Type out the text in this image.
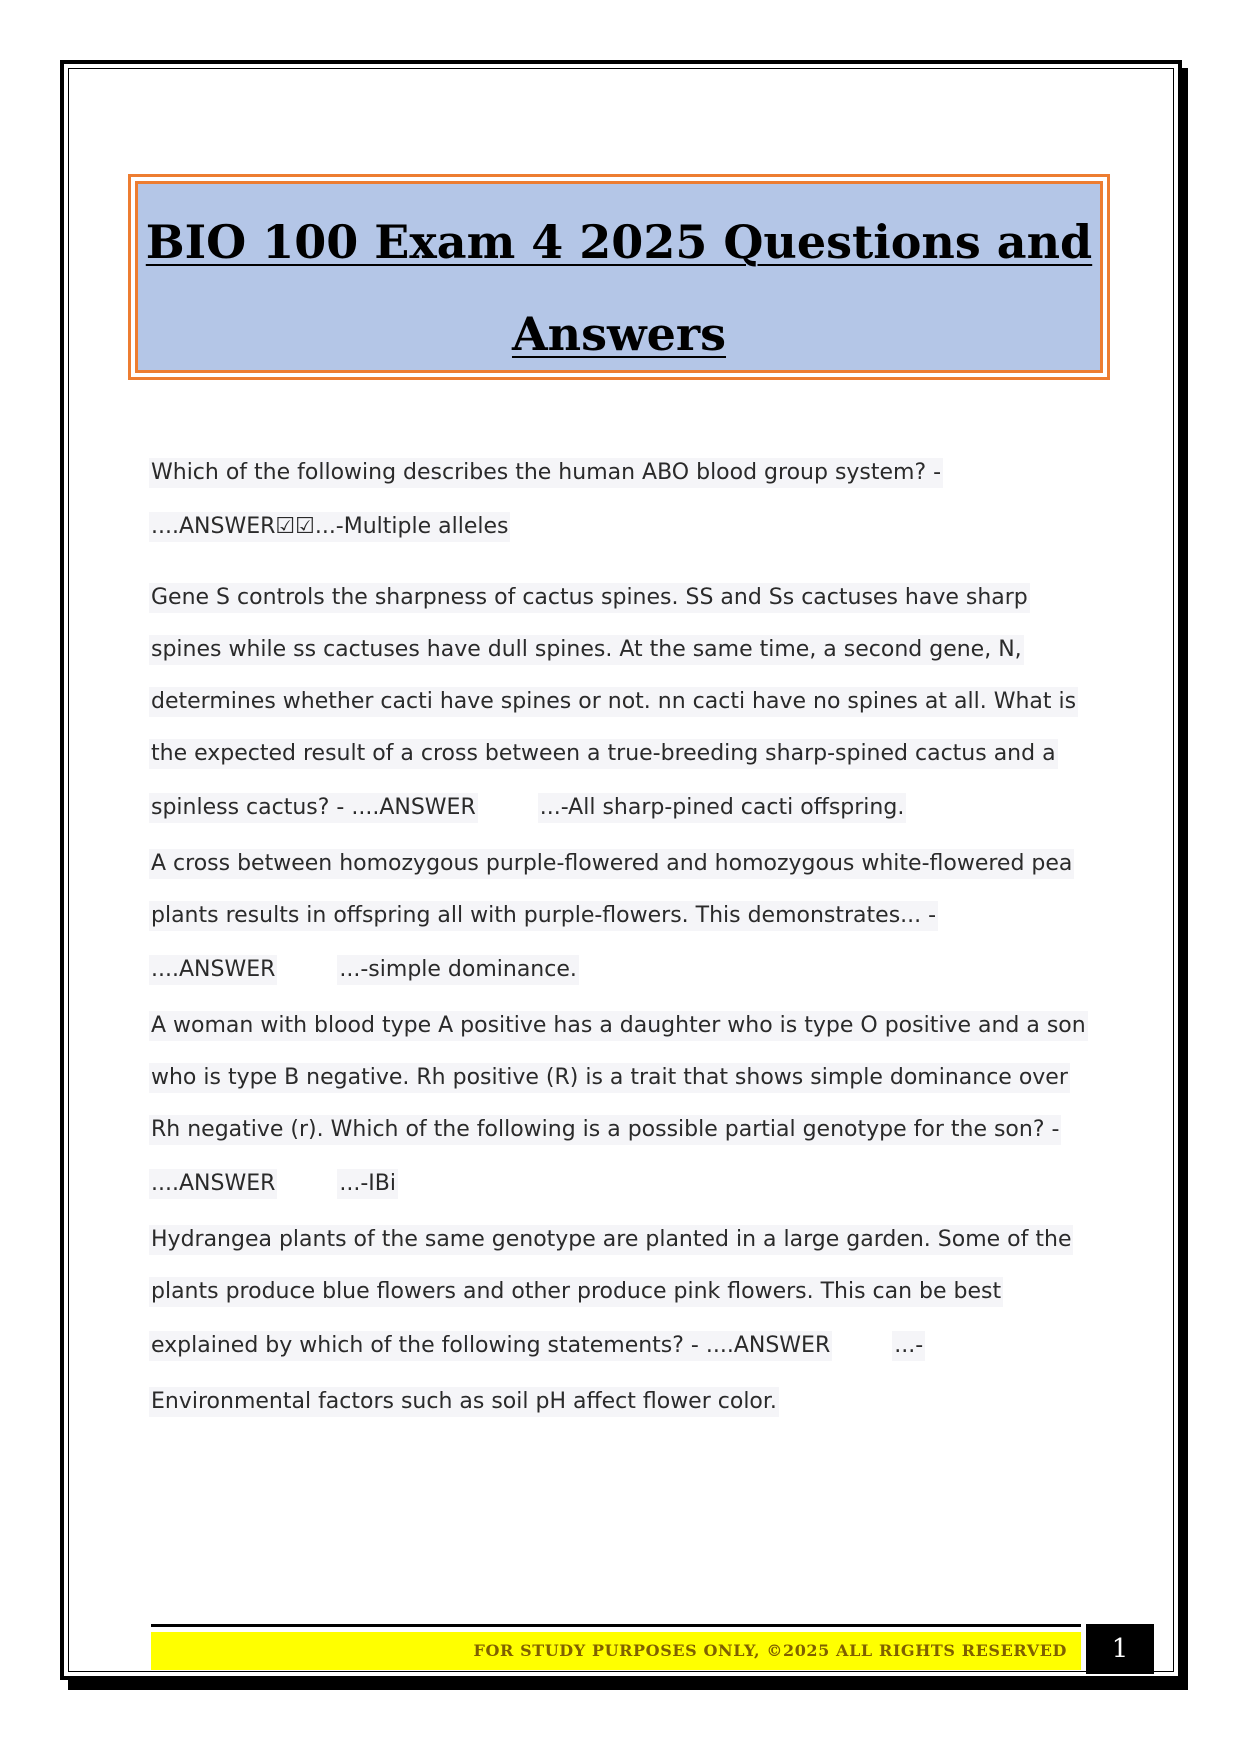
BIO 100 Exam 4 2025 Questions and

Answers

Which of the following describes the human ABO blood group system? -
....ANSWER☑☑...-Multiple alleles
Gene S controls the sharpness of cactus spines. SS and Ss cactuses have sharp
spines while ss cactuses have dull spines. At the same time, a second gene, N,
determines whether cacti have spines or not. nn cacti have no spines at all. What is
the expected result of a cross between a true-breeding sharp-spined cactus and a
spinless cactus? - ....ANSWER	...-All sharp-pined cacti offspring.
A cross between homozygous purple-flowered and homozygous white-flowered pea
plants results in offspring all with purple-flowers. This demonstrates... -
....ANSWER	...-simple dominance.
A woman with blood type A positive has a daughter who is type O positive and a son
who is type B negative. Rh positive (R) is a trait that shows simple dominance over
Rh negative (r). Which of the following is a possible partial genotype for the son? -
....ANSWER	...-IBi
Hydrangea plants of the same genotype are planted in a large garden. Some of the
plants produce blue flowers and other produce pink flowers. This can be best
explained by which of the following statements? - ....ANSWER	...-
Environmental factors such as soil pH affect flower color.
FOR STUDY PURPOSES ONLY, ©2025 ALL RIGHTS RESERVED	1
